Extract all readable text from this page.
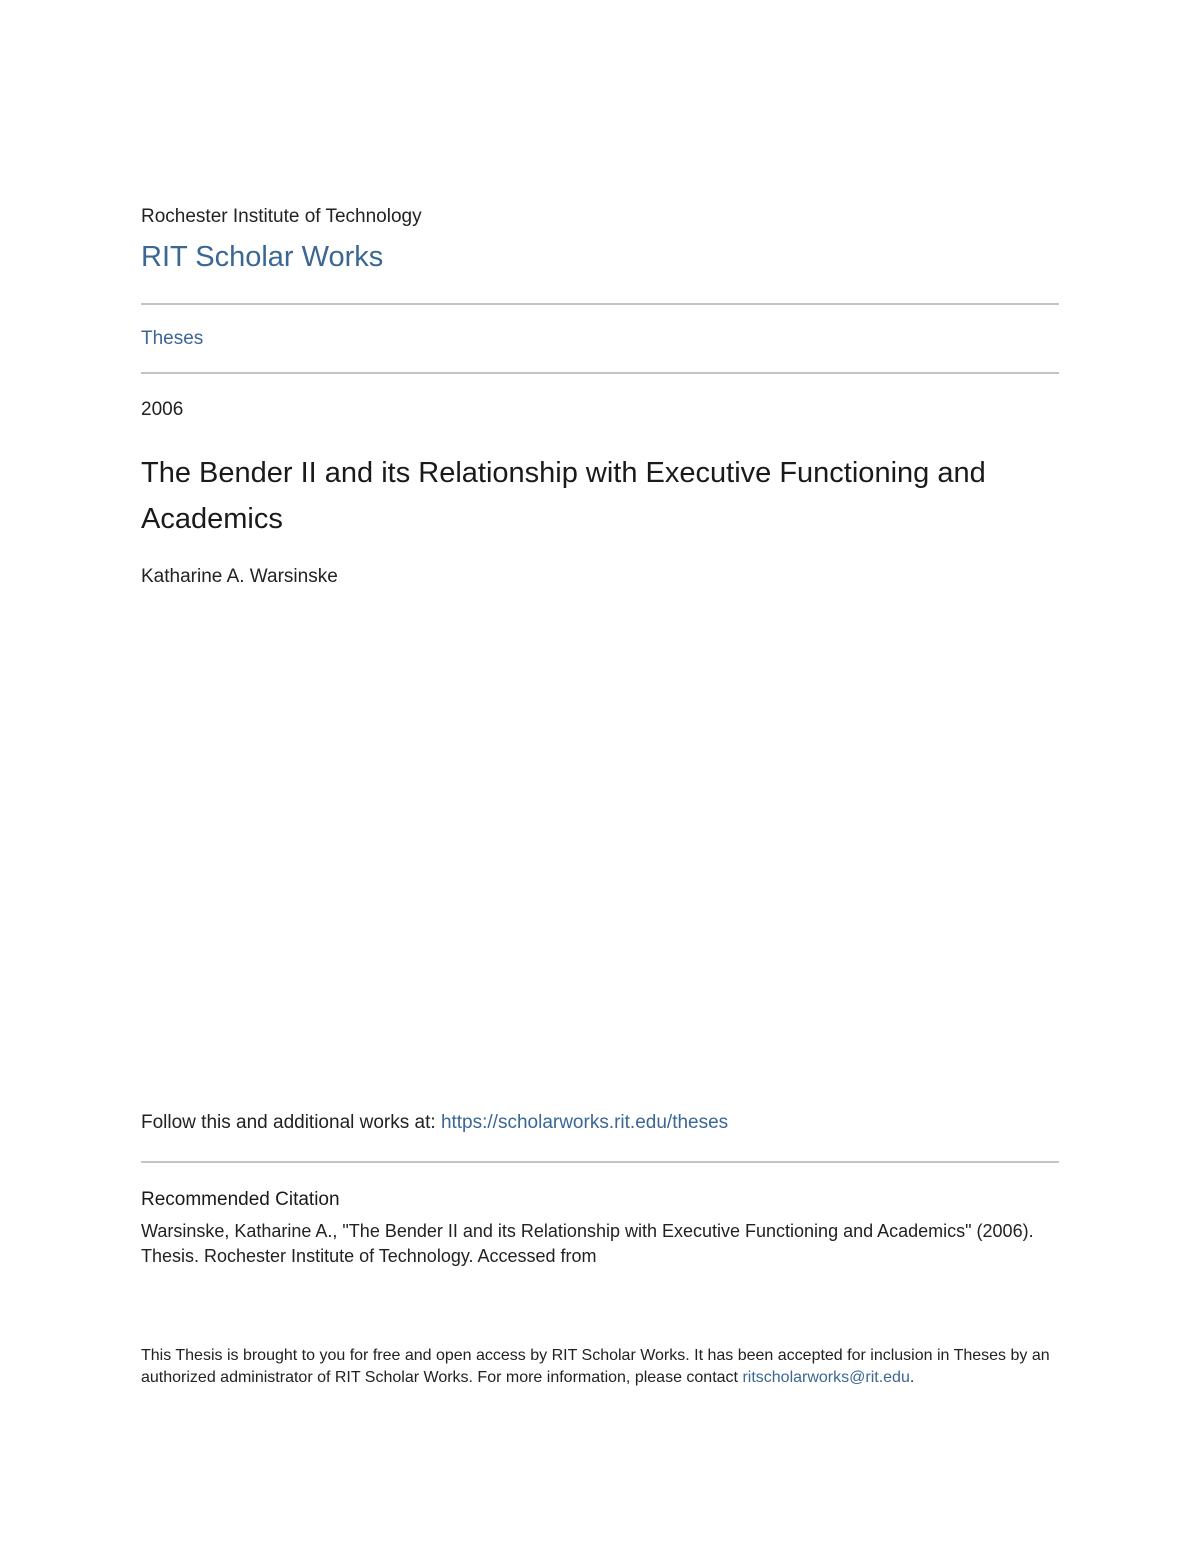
Rochester Institute of Technology
RIT Scholar Works
Theses
2006
The Bender II and its Relationship with Executive Functioning and Academics
Katharine A. Warsinske
Follow this and additional works at: https://scholarworks.rit.edu/theses
Recommended Citation
Warsinske, Katharine A., "The Bender II and its Relationship with Executive Functioning and Academics" (2006). Thesis. Rochester Institute of Technology. Accessed from
This Thesis is brought to you for free and open access by RIT Scholar Works. It has been accepted for inclusion in Theses by an authorized administrator of RIT Scholar Works. For more information, please contact ritscholarworks@rit.edu.
